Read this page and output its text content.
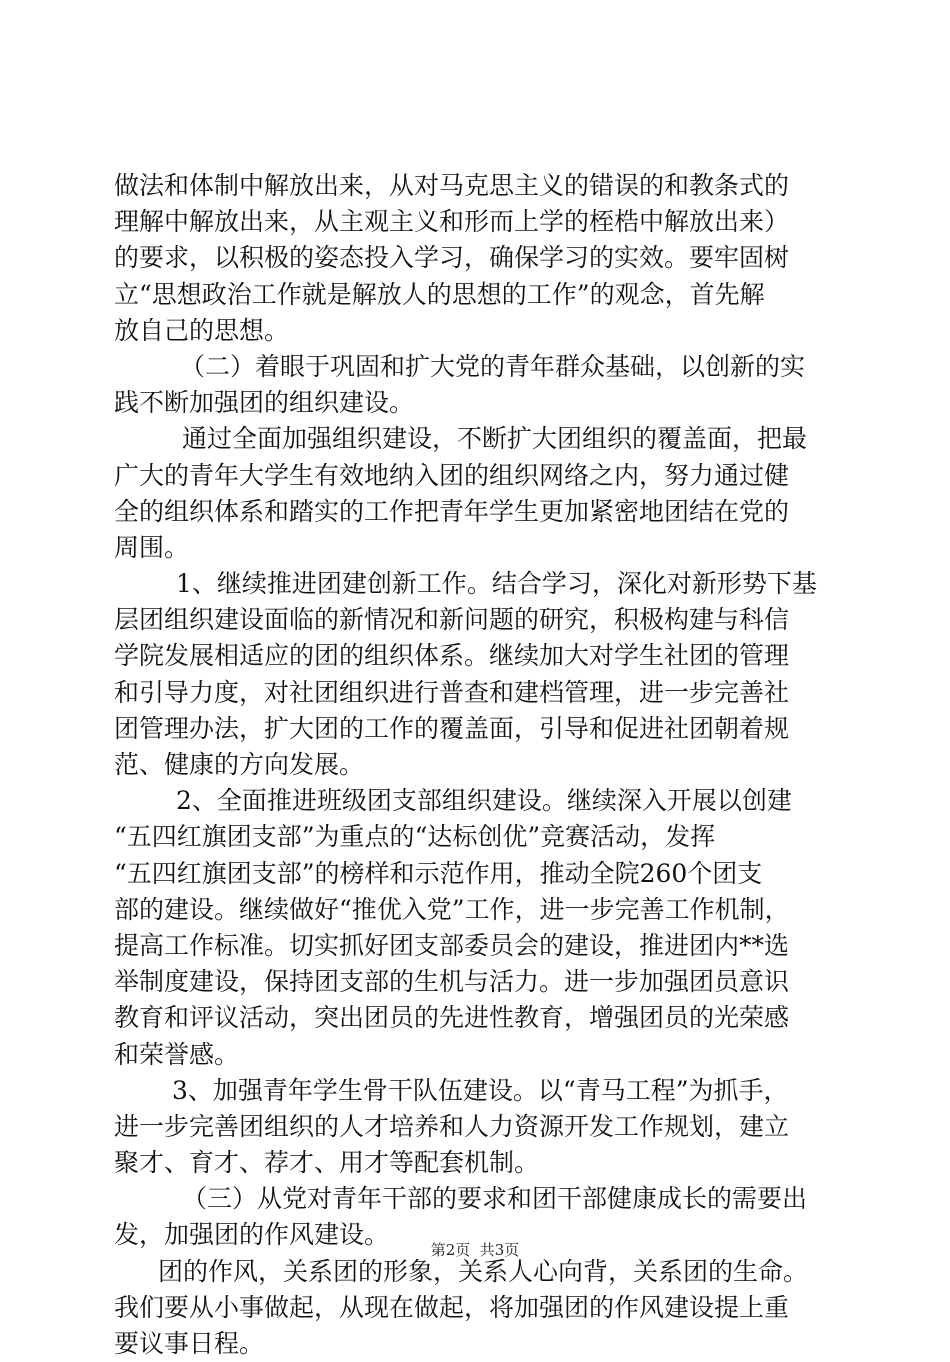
做法和体制中解放出来，从对马克思主义的错误的和教条式的
理解中解放出来，从主观主义和形而上学的桎梏中解放出来）
的要求，以积极的姿态投入学习，确保学习的实效。要牢固树
立“思想政治工作就是解放人的思想的工作”的观念，首先解
放自己的思想。
（二）着眼于巩固和扩大党的青年群众基础，以创新的实
践不断加强团的组织建设。
通过全面加强组织建设，不断扩大团组织的覆盖面，把最
广大的青年大学生有效地纳入团的组织网络之内，努力通过健
全的组织体系和踏实的工作把青年学生更加紧密地团结在党的
周围。
1、继续推进团建创新工作。结合学习，深化对新形势下基
层团组织建设面临的新情况和新问题的研究，积极构建与科信
学院发展相适应的团的组织体系。继续加大对学生社团的管理
和引导力度，对社团组织进行普查和建档管理，进一步完善社
团管理办法，扩大团的工作的覆盖面，引导和促进社团朝着规
范、健康的方向发展。
2、全面推进班级团支部组织建设。继续深入开展以创建
“五四红旗团支部”为重点的“达标创优”竞赛活动，发挥
“五四红旗团支部”的榜样和示范作用，推动全院260个团支
部的建设。继续做好“推优入党”工作，进一步完善工作机制，
提高工作标准。切实抓好团支部委员会的建设，推进团内**选
举制度建设，保持团支部的生机与活力。进一步加强团员意识
教育和评议活动，突出团员的先进性教育，增强团员的光荣感
和荣誉感。
3、加强青年学生骨干队伍建设。以“青马工程”为抓手，
进一步完善团组织的人才培养和人力资源开发工作规划，建立
聚才、育才、荐才、用才等配套机制。
（三）从党对青年干部的要求和团干部健康成长的需要出
发，加强团的作风建设。
团的作风，关系团的形象，关系人心向背，关系团的生命。
我们要从小事做起，从现在做起，将加强团的作风建设提上重
要议事日程。
第2页  共3页
